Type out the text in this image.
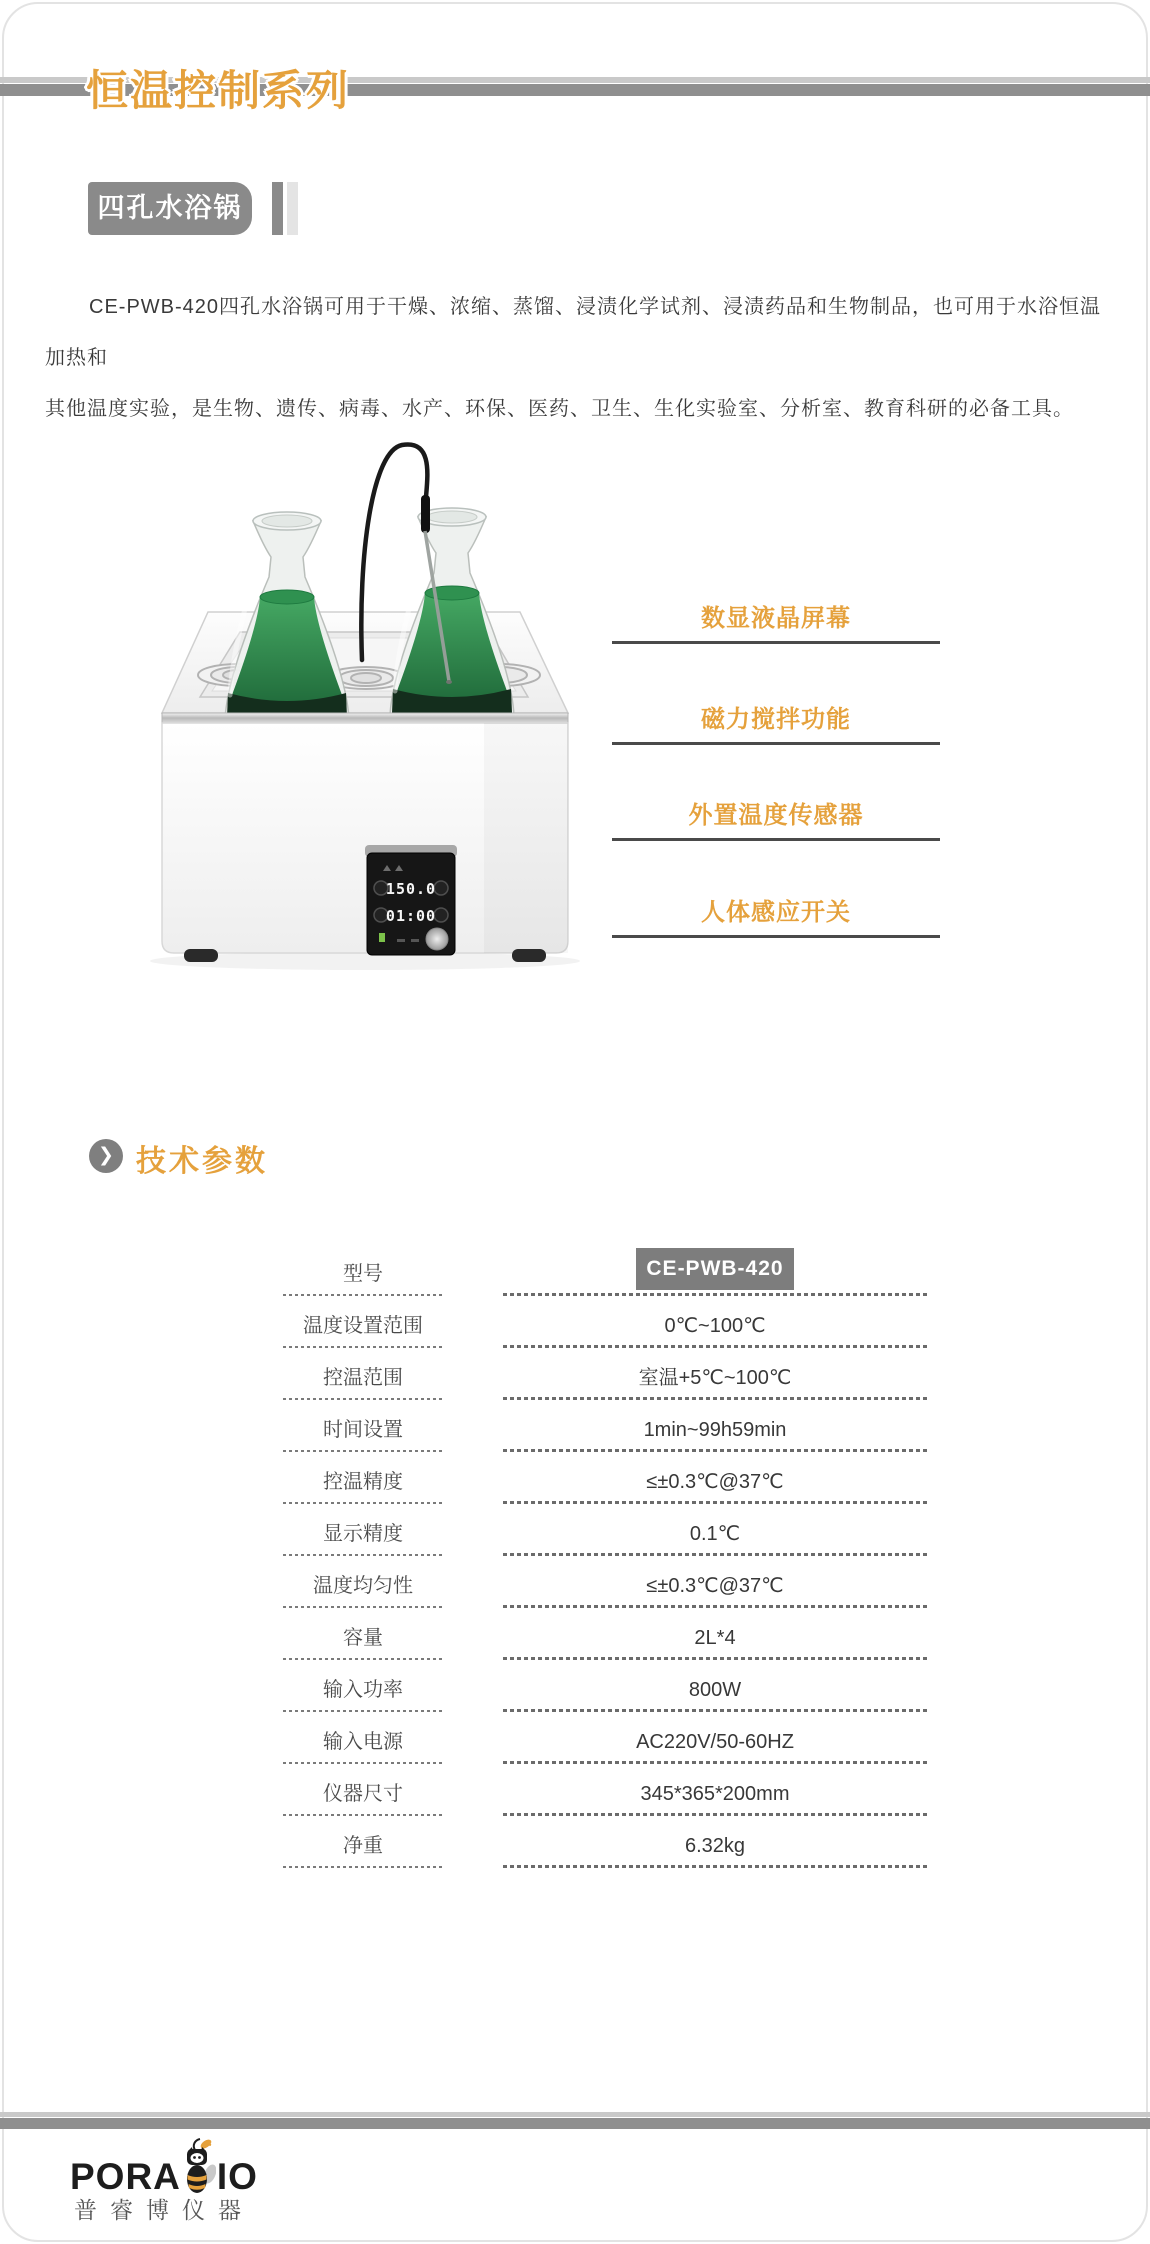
恒温控制系列
四孔水浴锅
CE-PWB-420四孔水浴锅可用于干燥、浓缩、蒸馏、浸渍化学试剂、浸渍药品和生物制品，也可用于水浴恒温加热和
其他温度实验，是生物、遗传、病毒、水产、环保、医药、卫生、生化实验室、分析室、教育科研的必备工具。
150.0
01:00
数显液晶屏幕
磁力搅拌功能
外置温度传感器
人体感应开关
❯ 技术参数
型号	CE-PWB-420
温度设置范围	0℃~100℃
控温范围	室温+5℃~100℃
时间设置	1min~99h59min
控温精度	≤±0.3℃@37℃
显示精度	0.1℃
温度均匀性	≤±0.3℃@37℃
容量	2L*4
输入功率	800W
输入电源	AC220V/50-60HZ
仪器尺寸	345*365*200mm
净重	6.32kg
PORA IO
普睿博仪器
